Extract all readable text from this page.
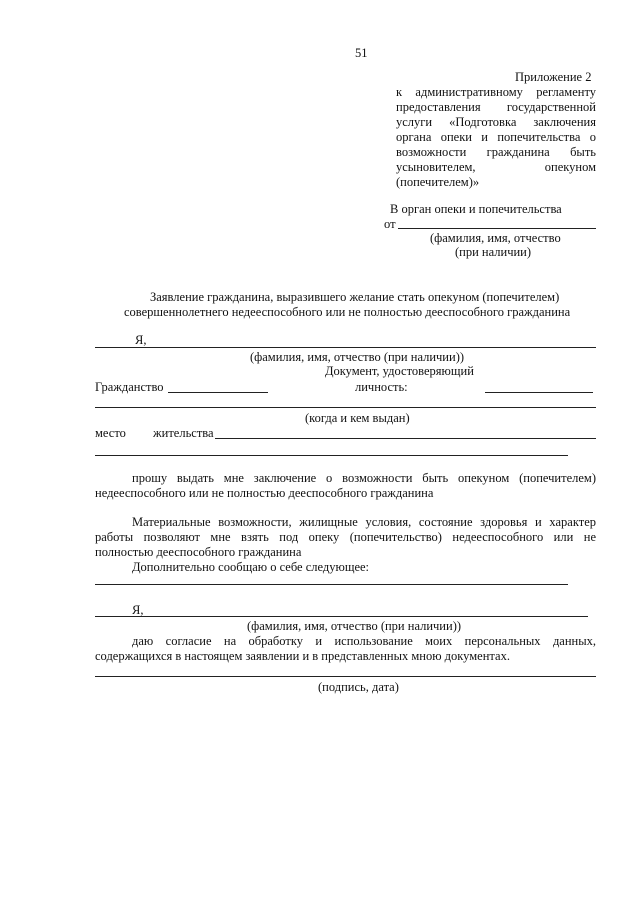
51
Приложение 2
к административному регламенту
предоставления государственной
услуги «Подготовка заключения
органа опеки и попечительства о
возможности гражданина быть
усыновителем,	опекуном
(попечителем)»
В орган опеки и попечительства
от
(фамилия, имя, отчество
(при наличии)
Заявление гражданина, выразившего желание стать опекуном (попечителем)
совершеннолетнего недееспособного или не полностью дееспособного гражданина
Я,
(фамилия, имя, отчество (при наличии))
Документ, удостоверяющий
Гражданство	личность:
(когда и кем выдан)
место жительства
прошу выдать мне заключение о возможности быть опекуном (попечителем)
недееспособного или не полностью дееспособного гражданина
Материальные возможности, жилищные условия, состояние здоровья и характер
работы позволяют мне взять под опеку (попечительство) недееспособного или не
полностью дееспособного гражданина
Дополнительно сообщаю о себе следующее:
Я,
(фамилия, имя, отчество (при наличии))
даю согласие на обработку и использование моих персональных данных,
содержащихся в настоящем заявлении и в представленных мною документах.
(подпись, дата)
